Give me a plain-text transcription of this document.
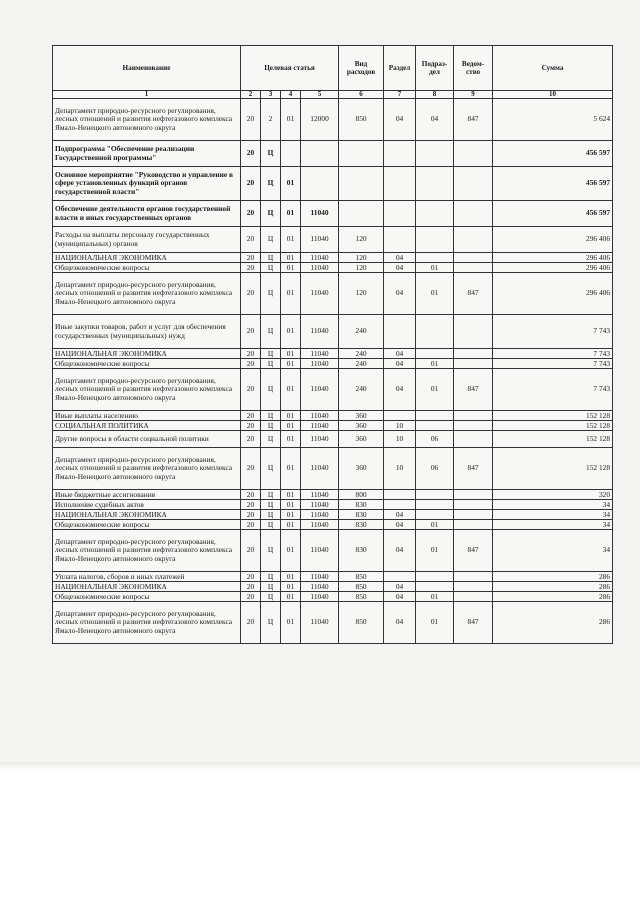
Наименование	Целевая статья				Вид расходов	Раздел	Подраз-дел	Ведом-ство	Сумма
1	2	3	4	5	6	7	8	9	10
Департамент природно-ресурсного регулирования, лесных отношений и развития нефтегазового комплекса Ямало-Ненецкого автономного округа	20	2	01	12000	850	04	04	847	5 624
Подпрограмма "Обеспечение реализации Государственной программы"	20	Ц							456 597
Основное мероприятие "Руководство и управление в сфере установленных функций органов государственной власти"	20	Ц	01						456 597
Обеспечение деятельности органов государственной власти и иных государственных органов	20	Ц	01	11040					456 597
Расходы на выплаты персоналу государственных (муниципальных) органов	20	Ц	01	11040	120				296 406
НАЦИОНАЛЬНАЯ ЭКОНОМИКА	20	Ц	01	11040	120	04			296 406
Общеэкономические вопросы	20	Ц	01	11040	120	04	01		296 406
Департамент природно-ресурсного регулирования, лесных отношений и развития нефтегазового комплекса Ямало-Ненецкого автономного округа	20	Ц	01	11040	120	04	01	847	296 406
Иные закупки товаров, работ и услуг для обеспечения государственных (муниципальных) нужд	20	Ц	01	11040	240				7 743
НАЦИОНАЛЬНАЯ ЭКОНОМИКА	20	Ц	01	11040	240	04			7 743
Общеэкономические вопросы	20	Ц	01	11040	240	04	01		7 743
Департамент природно-ресурсного регулирования, лесных отношений и развития нефтегазового комплекса Ямало-Ненецкого автономного округа	20	Ц	01	11040	240	04	01	847	7 743
Иные выплаты населению	20	Ц	01	11040	360				152 128
СОЦИАЛЬНАЯ ПОЛИТИКА	20	Ц	01	11040	360	10			152 128
Другие вопросы в области социальной политики	20	Ц	01	11040	360	10	06		152 128
Департамент природно-ресурсного регулирования, лесных отношений и развития нефтегазового комплекса Ямало-Ненецкого автономного округа	20	Ц	01	11040	360	10	06	847	152 128
Иные бюджетные ассигнования	20	Ц	01	11040	800				320
Исполнение судебных актов	20	Ц	01	11040	830				34
НАЦИОНАЛЬНАЯ ЭКОНОМИКА	20	Ц	01	11040	830	04			34
Общеэкономические вопросы	20	Ц	01	11040	830	04	01		34
Департамент природно-ресурсного регулирования, лесных отношений и развития нефтегазового комплекса Ямало-Ненецкого автономного округа	20	Ц	01	11040	830	04	01	847	34
Уплата налогов, сборов и иных платежей	20	Ц	01	11040	850				286
НАЦИОНАЛЬНАЯ ЭКОНОМИКА	20	Ц	01	11040	850	04			286
Общеэкономические вопросы	20	Ц	01	11040	850	04	01		286
Департамент природно-ресурсного регулирования, лесных отношений и развития нефтегазового комплекса Ямало-Ненецкого автономного округа	20	Ц	01	11040	850	04	01	847	286
